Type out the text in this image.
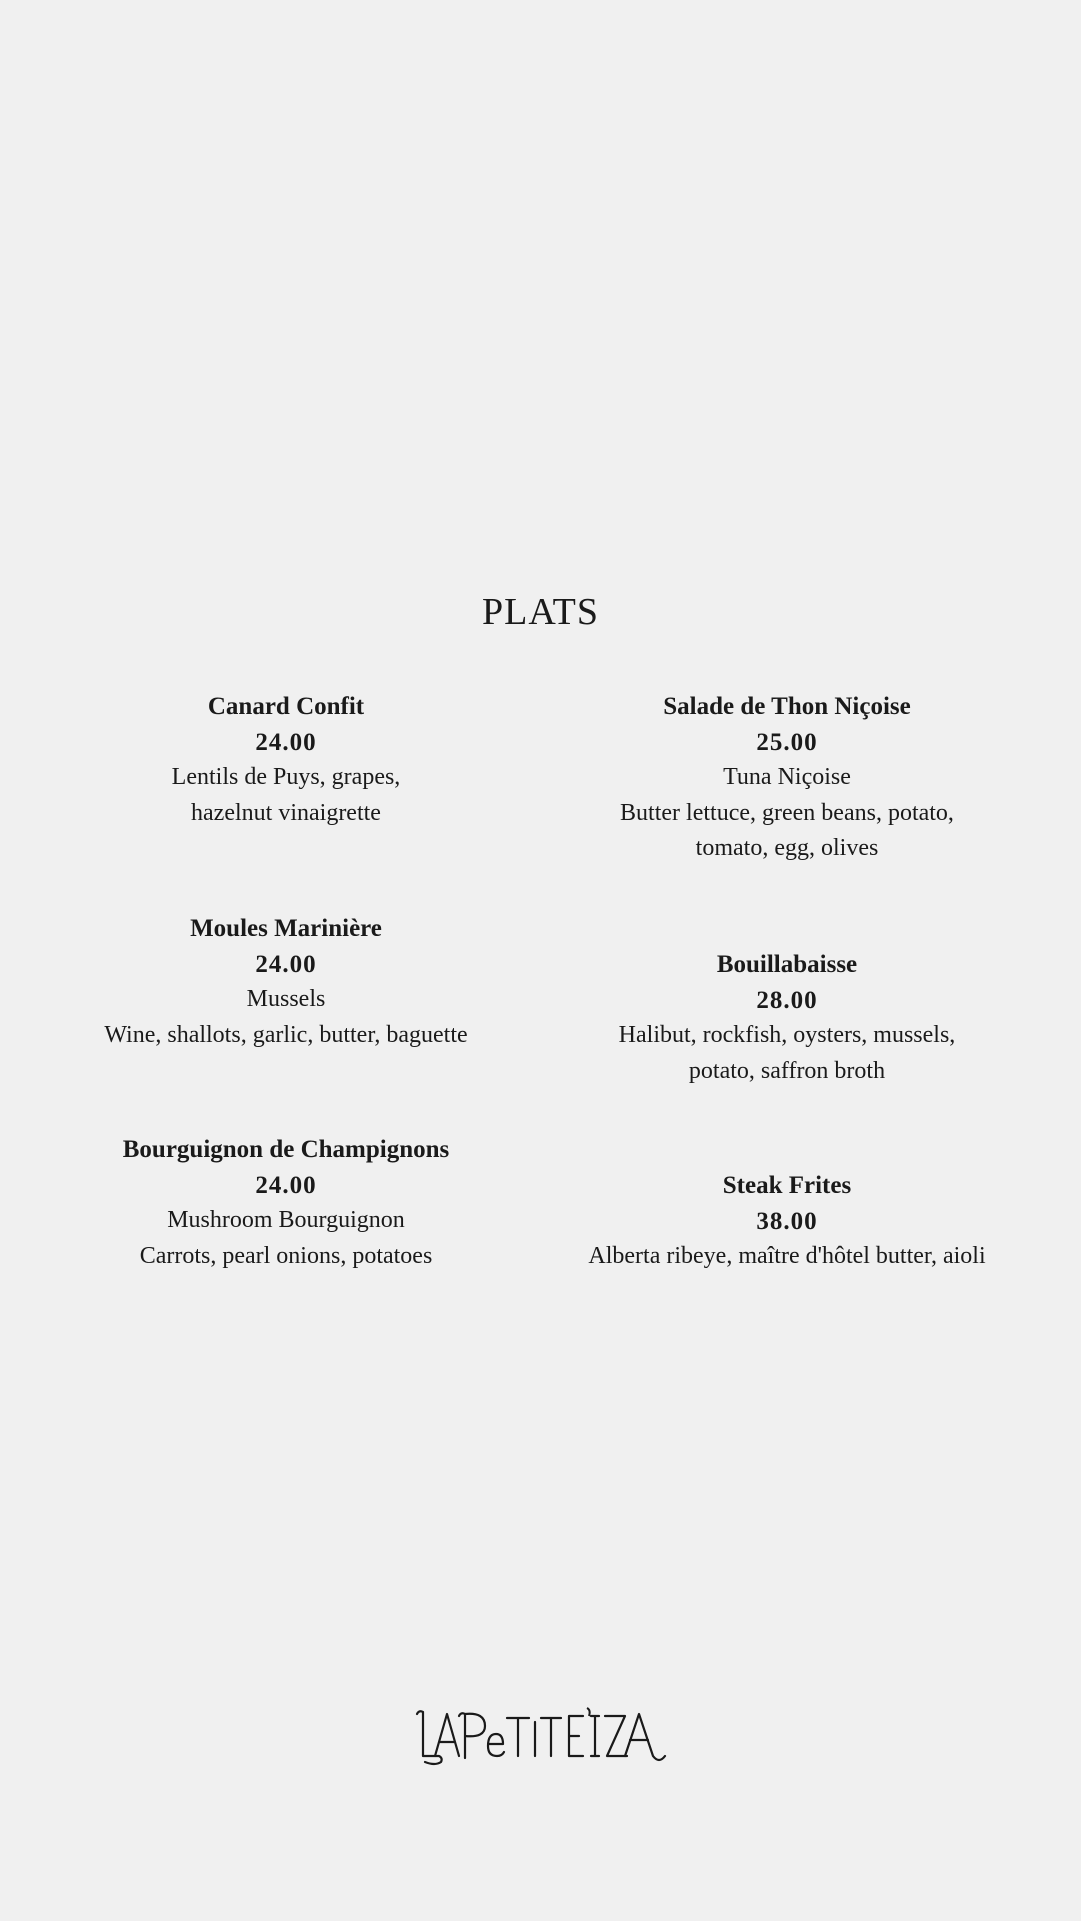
PLATS
Canard Confit
24.00
Lentils de Puys, grapes,
hazelnut vinaigrette
Salade de Thon Niçoise
25.00
Tuna Niçoise
Butter lettuce, green beans, potato,
tomato, egg, olives
Moules Marinière
24.00
Mussels
Wine, shallots, garlic, butter, baguette
Bouillabaisse
28.00
Halibut, rockfish, oysters, mussels,
potato, saffron broth
Bourguignon de Champignons
24.00
Mushroom Bourguignon
Carrots, pearl onions, potatoes
Steak Frites
38.00
Alberta ribeye, maître d'hôtel butter, aioli
